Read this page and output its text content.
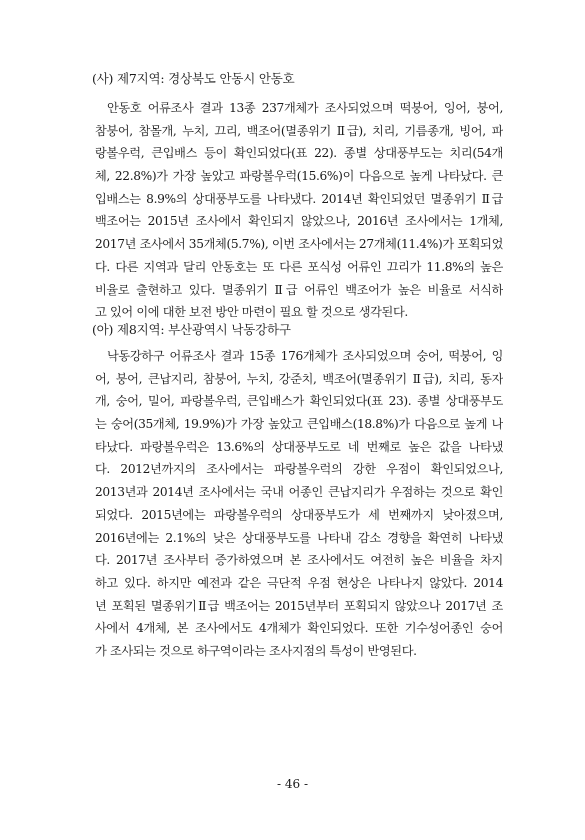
(사) 제7지역: 경상북도 안동시 안동호
안동호 어류조사 결과 13종 237개체가 조사되었으며 떡붕어, 잉어, 붕어,
참붕어, 참몰개, 누치, 끄리, 백조어(멸종위기 Ⅱ급), 치리, 기름종개, 빙어, 파
랑볼우럭, 큰입배스 등이 확인되었다(표 22). 종별 상대풍부도는 치리(54개
체, 22.8%)가 가장 높았고 파랑볼우럭(15.6%)이 다음으로 높게 나타났다. 큰
입배스는 8.9%의 상대풍부도를 나타냈다. 2014년 확인되었던 멸종위기 Ⅱ급
백조어는 2015년 조사에서 확인되지 않았으나, 2016년 조사에서는 1개체,
2017년 조사에서 35개체(5.7%), 이번 조사에서는 27개체(11.4%)가 포획되었
다. 다른 지역과 달리 안동호는 또 다른 포식성 어류인 끄리가 11.8%의 높은
비율로 출현하고 있다. 멸종위기 Ⅱ급 어류인 백조어가 높은 비율로 서식하
고 있어 이에 대한 보전 방안 마련이 필요 할 것으로 생각된다.
(아) 제8지역: 부산광역시 낙동강하구
낙동강하구 어류조사 결과 15종 176개체가 조사되었으며 숭어, 떡붕어, 잉
어, 붕어, 큰납지리, 참붕어, 누치, 강준치, 백조어(멸종위기 Ⅱ급), 치리, 동자
개, 숭어, 밀어, 파랑볼우럭, 큰입배스가 확인되었다(표 23). 종별 상대풍부도
는 숭어(35개체, 19.9%)가 가장 높았고 큰입배스(18.8%)가 다음으로 높게 나
타났다. 파랑볼우럭은 13.6%의 상대풍부도로 네 번째로 높은 값을 나타냈
다. 2012년까지의 조사에서는 파랑볼우럭의 강한 우점이 확인되었으나,
2013년과 2014년 조사에서는 국내 어종인 큰납지리가 우점하는 것으로 확인
되었다. 2015년에는 파랑볼우럭의 상대풍부도가 세 번째까지 낮아졌으며,
2016년에는 2.1%의 낮은 상대풍부도를 나타내 감소 경향을 확연히 나타냈
다. 2017년 조사부터 증가하였으며 본 조사에서도 여전히 높은 비율을 차지
하고 있다. 하지만 예전과 같은 극단적 우점 현상은 나타나지 않았다. 2014
년 포획된 멸종위기Ⅱ급 백조어는 2015년부터 포획되지 않았으나 2017년 조
사에서 4개체, 본 조사에서도 4개체가 확인되었다. 또한 기수성어종인 숭어
가 조사되는 것으로 하구역이라는 조사지점의 특성이 반영된다.
- 46 -
